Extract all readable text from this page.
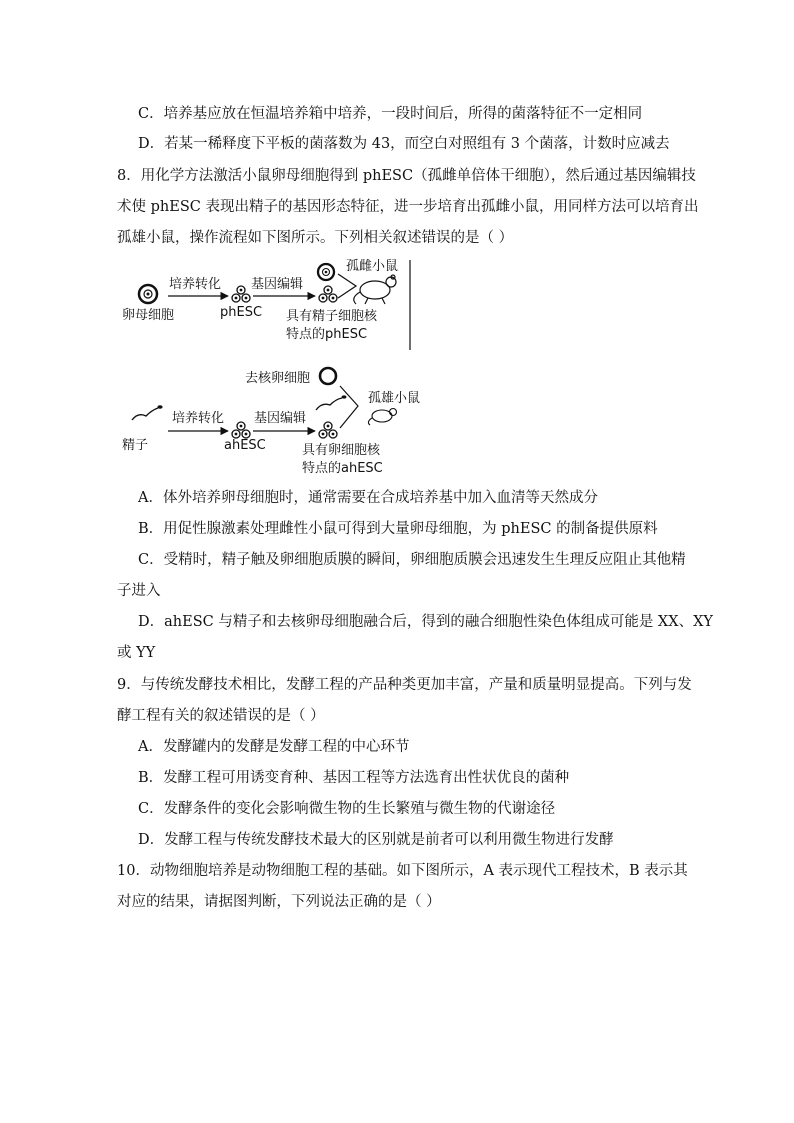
C．培养基应放在恒温培养箱中培养，一段时间后，所得的菌落特征不一定相同
D．若某一稀释度下平板的菌落数为 43，而空白对照组有 3 个菌落，计数时应减去
8．用化学方法激活小鼠卵母细胞得到 phESC（孤雌单倍体干细胞），然后通过基因编辑技
术使 phESC 表现出精子的基因形态特征，进一步培育出孤雌小鼠，用同样方法可以培育出
孤雄小鼠，操作流程如下图所示。下列相关叙述错误的是（ ）
卵母细胞
培养转化
phESC
基因编辑
具有精子细胞核
特点的phESC
孤雌小鼠
去核卵细胞
精子
培养转化
ahESC
基因编辑
具有卵细胞核
特点的ahESC
孤雄小鼠
A．体外培养卵母细胞时，通常需要在合成培养基中加入血清等天然成分
B．用促性腺激素处理雌性小鼠可得到大量卵母细胞，为 phESC 的制备提供原料
C．受精时，精子触及卵细胞质膜的瞬间，卵细胞质膜会迅速发生生理反应阻止其他精
子进入
D．ahESC 与精子和去核卵母细胞融合后，得到的融合细胞性染色体组成可能是 XX、XY
或 YY
9．与传统发酵技术相比，发酵工程的产品种类更加丰富，产量和质量明显提高。下列与发
酵工程有关的叙述错误的是（ ）
A．发酵罐内的发酵是发酵工程的中心环节
B．发酵工程可用诱变育种、基因工程等方法选育出性状优良的菌种
C．发酵条件的变化会影响微生物的生长繁殖与微生物的代谢途径
D．发酵工程与传统发酵技术最大的区别就是前者可以利用微生物进行发酵
10．动物细胞培养是动物细胞工程的基础。如下图所示，A 表示现代工程技术，B 表示其
对应的结果，请据图判断，下列说法正确的是（ ）
